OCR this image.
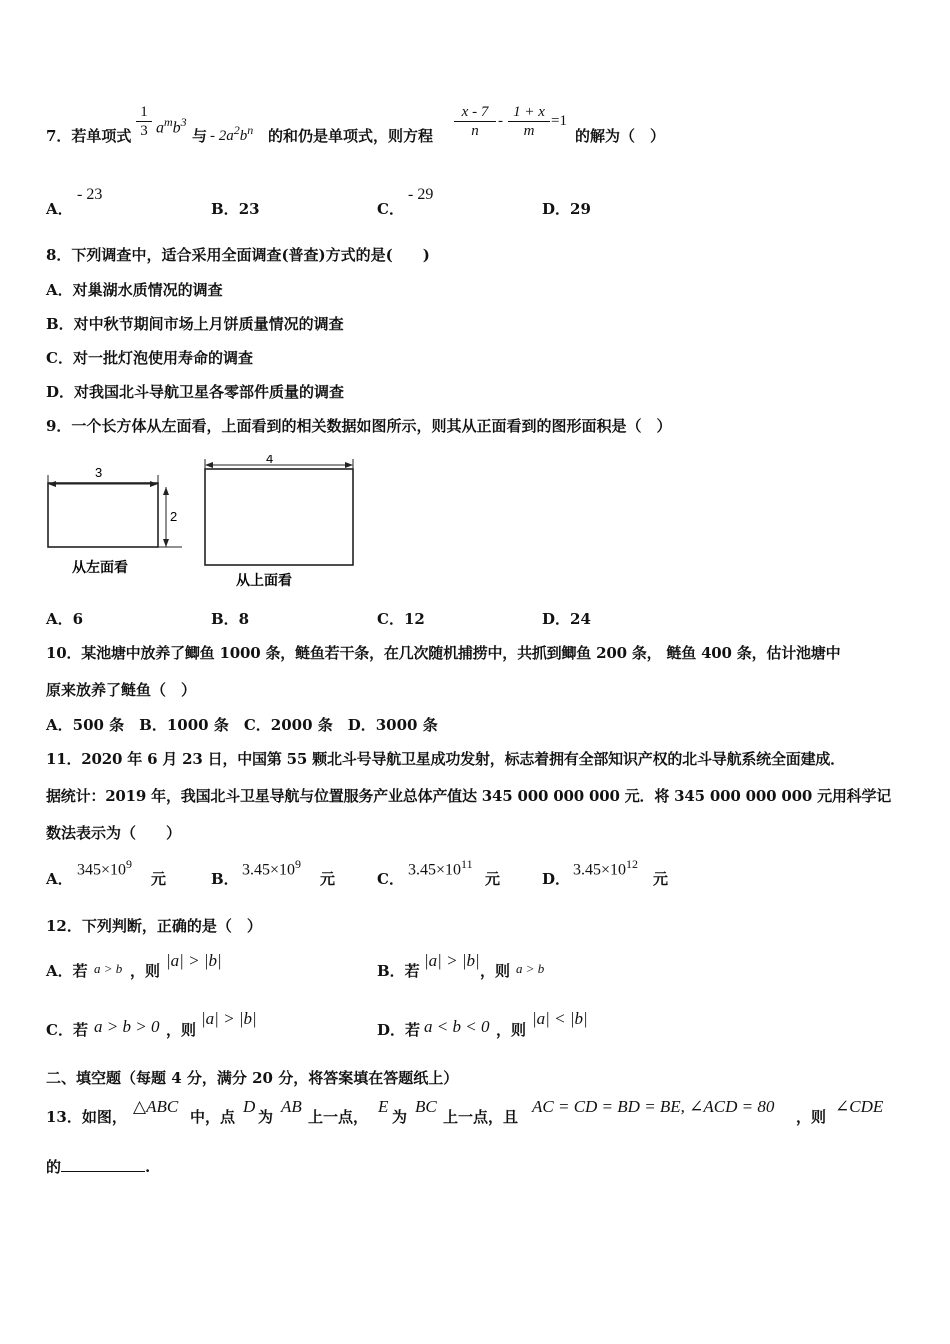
7．若单项式
1
3 $a^mb^3$
与 - $2a^2b^n$ 的和仍是单项式，则方程
x - 7
n
-
1 + x
m
=1
的解为（　）
A．
- 23
B．23	C．
- 29
D．29
8．下列调查中，适合采用全面调查(普查)方式的是(　　)
A．对巢湖水质情况的调查
B．对中秋节期间市场上月饼质量情况的调查
C．对一批灯泡使用寿命的调查
D．对我国北斗导航卫星各零部件质量的调查
9．一个长方体从左面看，上面看到的相关数据如图所示，则其从正面看到的图形面积是（　）
3
2
从左面看
4
从上面看
A．6	B．8	C．12	D．24
10．某池塘中放养了鲫鱼 1000 条，鲢鱼若干条，在几次随机捕捞中，共抓到鲫鱼 200 条， 鲢鱼 400 条，估计池塘中
原来放养了鲢鱼（　）
A．500 条　B．1000 条　C．2000 条　D．3000 条
11．2020 年 6 月 23 日，中国第 55 颗北斗号导航卫星成功发射，标志着拥有全部知识产权的北斗导航系统全面建成．
据统计：2019 年，我国北斗卫星导航与位置服务产业总体产值达 345 000 000 000 元．将 345 000 000 000 元用科学记
数法表示为（　　）
A．
$345\times 10^9$
元	B．
$3.45\times 10^9$
元	C．
$3.45\times 10^{11}$
元	D．
$3.45\times 10^{12}$
元
12．下列判断，正确的是（　）
A．若 a > b ，则
|a| > |b|
B．若
|a| > |b|
，则 a > b
C．若 a > b > 0 ，则
|a| > |b|
D．若 a < b < 0 ，则
|a| < |b|
二、填空题（每题 4 分，满分 20 分，将答案填在答题纸上）
13．如图，
△ABC
中，点
D
为
AB
上一点，
E
为
BC
上一点，且
AC = CD = BD = BE, ∠ACD = 80
，则
∠CDE
的	.
